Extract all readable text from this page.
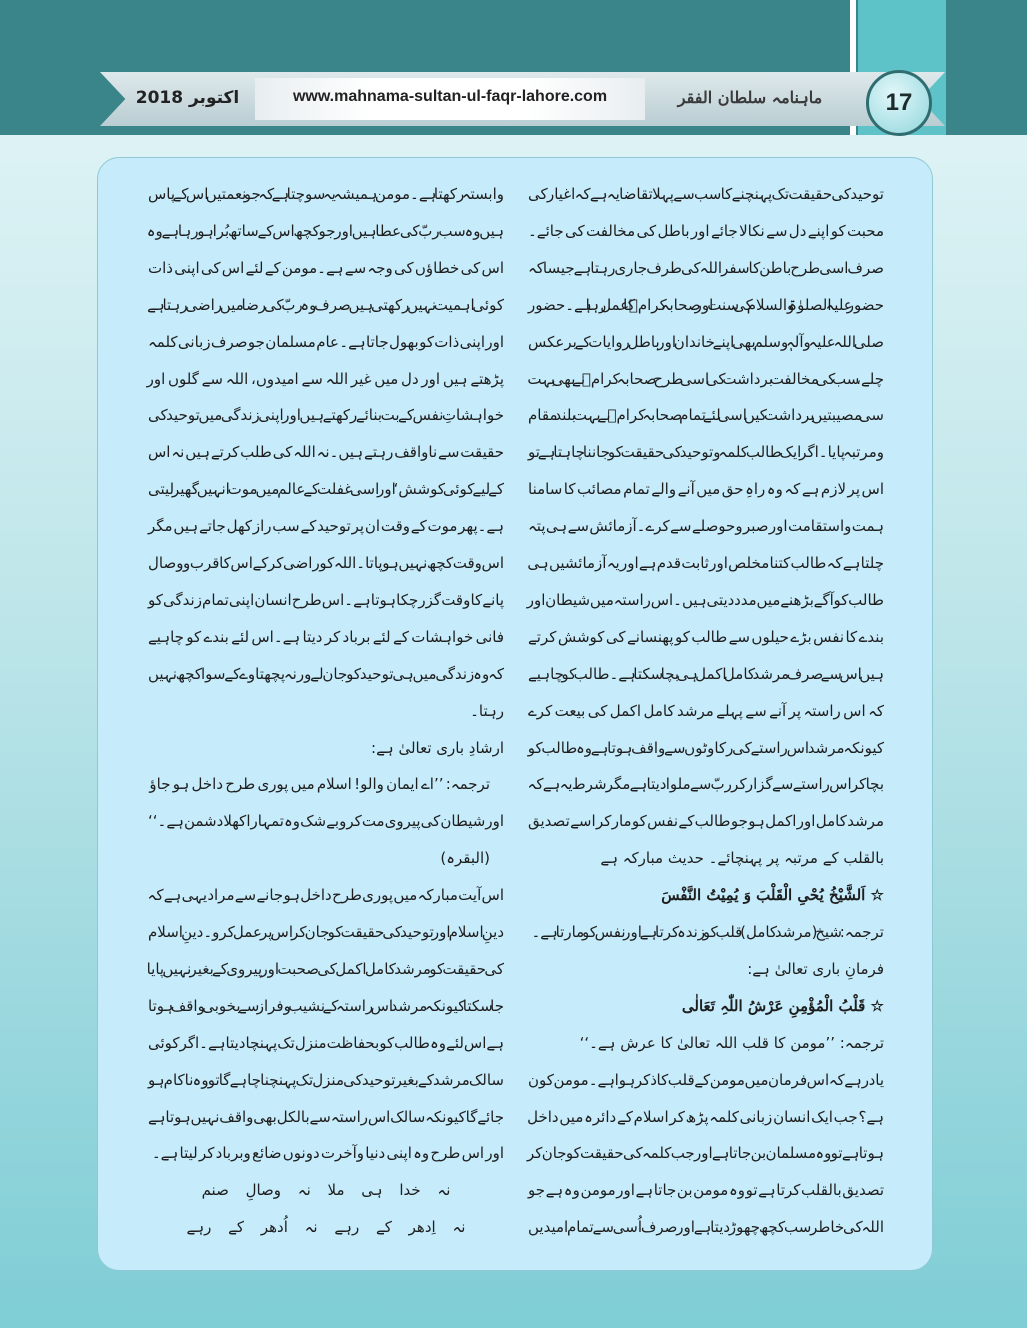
www.mahnama-sultan-ul-faqr-lahore.com
اکتوبر 2018	ماہنامہ سلطان الفقر	17
توحید کی حقیقت تک پہنچنے کا سب سے پہلا تقاضا یہ ہے کہ اغیار کی
محبت کو اپنے دل سے نکالا جائے اور باطل کی مخالفت کی جائے۔
صرف اسی طرح باطن کا سفر اللہ کی طرف جاری رہتا ہے جیسا کہ
حضور علیہ الصلوٰۃ والسلام کی سنت اور صحابہ کرامؓ کا عمل رہا ہے۔حضور
صلی اللہ علیہ وآلہٖ وسلم بھی اپنے خاندان اور باطل روایات کے برعکس
چلے، سب کی مخالفت برداشت کی اسی طرح صحابہ کرامؓ نے بھی بہت
سی مصیبتیں برداشت کیں اسی لئے تمام صحابہ کرامؓ نے بہت بلند مقام
ومرتبہ پایا۔اگر ایک طالب کلمہ وتوحید کی حقیقت کو جاننا چاہتا ہے تو
اس پر لازم ہے کہ وہ راہِ حق میں آنے والے تمام مصائب کا سامنا
ہمت واستقامت اور صبر وحوصلے سے کرے۔آزمائش سے ہی پتہ
چلتا ہے کہ طالب کتنا مخلص اور ثابت قدم ہے اور یہ آزمائشیں ہی
طالب کو آگے بڑھنے میں مدد دیتی ہیں۔اس راستہ میں شیطان اور
بندے کا نفس بڑے حیلوں سے طالب کو پھنسانے کی کوشش کرتے
ہیں اس سے صرف مرشد کامل اکمل ہی بچا سکتا ہے۔طالب کو چاہیے
کہ اس راستہ پر آنے سے پہلے مرشد کامل اکمل کی بیعت کرے
کیونکہ مرشد اس راستے کی رکاوٹوں سے واقف ہوتا ہے وہ طالب کو
بچا کر اس راستے سے گزار کر ربّ سے ملوا دیتا ہے مگر شرط یہ ہے کہ
مرشد کامل اور اکمل ہو جو طالب کے نفس کو مار کر اسے تصدیق
بالقلب کے مرتبہ پر پہنچائے۔ حدیث مبارکہ ہے
☆ اَلشَّیْخُ یُحْیِ الْقَلْبَ وَ یُمِیْتُ النَّفْسَ
ترجمہ: شیخ (مرشد کامل) قلب کو زندہ کرتا ہے اور نفس کو مارتا ہے۔
فرمانِ باری تعالیٰ ہے:
☆ قَلْبُ الْمُؤْمِنِ عَرْشُ اللّٰہِ تَعَالٰی
ترجمہ: ’’مومن کا قلب اللہ تعالیٰ کا عرش ہے۔‘‘
یاد رہے کہ اس فرمان میں مومن کے قلب کا ذکر ہوا ہے۔مومن کون
ہے؟ جب ایک انسان زبانی کلمہ پڑھ کر اسلام کے دائرہ میں داخل
ہوتا ہے تو وہ مسلمان بن جاتا ہے اور جب کلمہ کی حقیقت کو جان کر
تصدیق بالقلب کرتا ہے تو وہ مومن بن جاتا ہے اور مومن وہ ہے جو
اللہ کی خاطر سب کچھ چھوڑ دیتا ہے اور صرف اُسی سے تمام امیدیں
وابستہ رکھتا ہے۔مومن ہمیشہ یہ سوچتا ہے کہ جو نعمتیں اس کے پاس
ہیں وہ سب ربّ کی عطا ہیں اور جو کچھ اس کے ساتھ بُرا ہو رہا ہے وہ
اس کی خطاؤں کی وجہ سے ہے۔مومن کے لئے اس کی اپنی ذات
کوئی اہمیت نہیں رکھتی ہیں صرف وہ ربّ کی رضا میں راضی رہتا ہے
اور اپنی ذات کو بھول جاتا ہے۔ عام مسلمان جو صرف زبانی کلمہ
پڑھتے ہیں اور دل میں غیر اللہ سے امیدوں، اللہ سے گلوں اور
خواہشاتِ نفس کے بت بنائے رکھتے ہیں اور اپنی زندگی میں توحید کی
حقیقت سے ناواقف رہتے ہیں۔نہ اللہ کی طلب کرتے ہیں نہ اس
کے لیے کوئی کوشش‘ اور اسی غفلت کے عالم میں موت انہیں گھیر لیتی
ہے۔پھر موت کے وقت ان پر توحید کے سب راز کھل جاتے ہیں مگر
اس وقت کچھ نہیں ہو پاتا۔اللہ کو راضی کر کے اس کا قرب و وصال
پانے کا وقت گزر چکا ہوتا ہے۔اس طرح انسان اپنی تمام زندگی کو
فانی خواہشات کے لئے برباد کر دیتا ہے۔اس لئے بندے کو چاہیے
کہ وہ زندگی میں ہی توحید کو جان لے ورنہ پچھتاوے کے سوا کچھ نہیں
رہتا۔
ارشادِ باری تعالیٰ ہے:
ترجمہ: ’’اے ایمان والو! اسلام میں پوری طرح داخل ہو جاؤ
اور شیطان کی پیروی مت کرو بے شک وہ تمہارا کھلا دشمن ہے۔‘‘
(البقرہ)
اس آیت مبارکہ میں پوری طرح داخل ہو جانے سے مراد یہی ہے کہ
دینِ اسلام اور توحید کی حقیقت کو جان کر اس پر عمل کرو۔دینِ اسلام
کی حقیقت کو مرشد کامل اکمل کی صحبت اور پیروی کے بغیر نہیں پایا
جا سکتا کیونکہ مرشد اس راستہ کے نشیب وفراز سے بخوبی واقف ہوتا
ہے اس لئے وہ طالب کو بحفاظت منزل تک پہنچا دیتا ہے۔اگر کوئی
سالک مرشد کے بغیر توحید کی منزل تک پہنچنا چاہے گا تو وہ ناکام ہو
جائے گا کیونکہ سالک اس راستہ سے بالکل بھی واقف نہیں ہوتا ہے
اور اس طرح وہ اپنی دنیا وآخرت دونوں ضائع وبرباد کر لیتا ہے۔
نہ خدا ہی ملا نہ وصالِ صنم
نہ اِدھر کے رہے نہ اُدھر کے رہے
